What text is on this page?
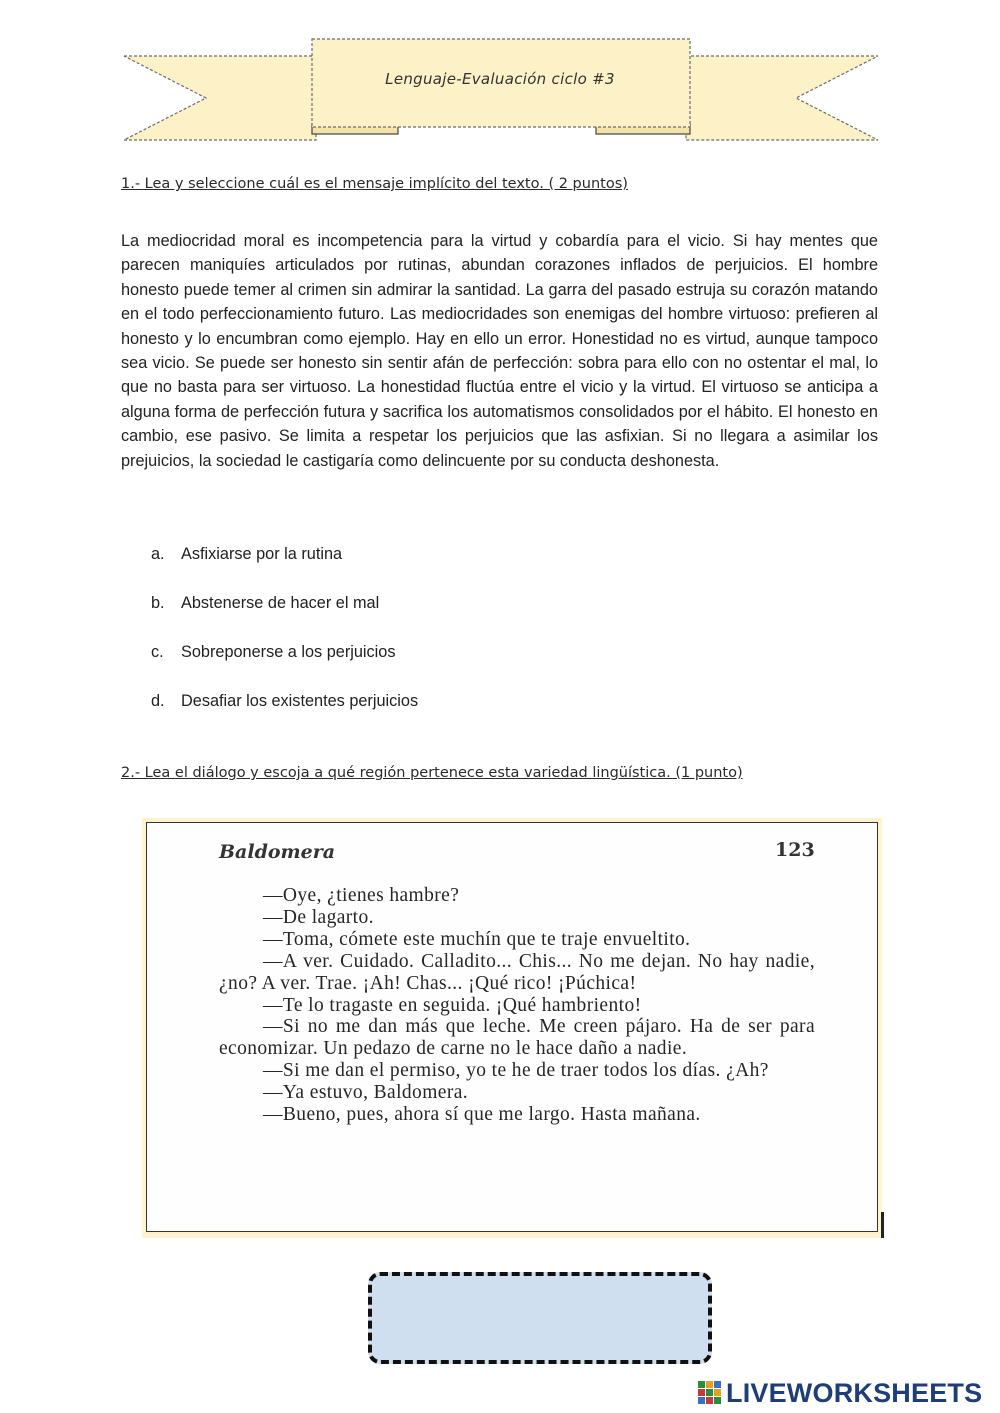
Lenguaje-Evaluación ciclo #3
1.- Lea y seleccione cuál es el mensaje implícito del texto. ( 2 puntos)

La mediocridad moral es incompetencia para la virtud y cobardía para el vicio. Si hay mentes que parecen maniquíes articulados por rutinas, abundan corazones inflados de perjuicios. El hombre honesto puede temer al crimen sin admirar la santidad. La garra del pasado estruja su corazón matando en el todo perfeccionamiento futuro. Las mediocridades son enemigas del hombre virtuoso: prefieren al honesto y lo encumbran como ejemplo. Hay en ello un error. Honestidad no es virtud, aunque tampoco sea vicio. Se puede ser honesto sin sentir afán de perfección: sobra para ello con no ostentar el mal, lo que no basta para ser virtuoso. La honestidad fluctúa entre el vicio y la virtud. El virtuoso se anticipa a alguna forma de perfección futura y sacrifica los automatismos consolidados por el hábito. El honesto en cambio, ese pasivo. Se limita a respetar los perjuicios que las asfixian. Si no llegara a asimilar los prejuicios, la sociedad le castigaría como delincuente por su conducta deshonesta.

a. Asfixiarse por la rutina
b. Abstenerse de hacer el mal
c. Sobreponerse a los perjuicios
d. Desafiar los existentes perjuicios
2.- Lea el diálogo y escoja a qué región pertenece esta variedad lingüística. (1 punto)
Baldomera	123

—Oye, ¿tienes hambre?

—De lagarto.

—Toma, cómete este muchín que te traje envueltito.

—A ver. Cuidado. Calladito... Chis... No me dejan. No hay nadie, ¿no? A ver. Trae. ¡Ah! Chas... ¡Qué rico! ¡Púchica!

—Te lo tragaste en seguida. ¡Qué hambriento!

—Si no me dan más que leche. Me creen pájaro. Ha de ser para economizar. Un pedazo de carne no le hace daño a nadie.

—Si me dan el permiso, yo te he de traer todos los días. ¿Ah?

—Ya estuvo, Baldomera.

—Bueno, pues, ahora sí que me largo. Hasta mañana.

LIVEWORKSHEETS
